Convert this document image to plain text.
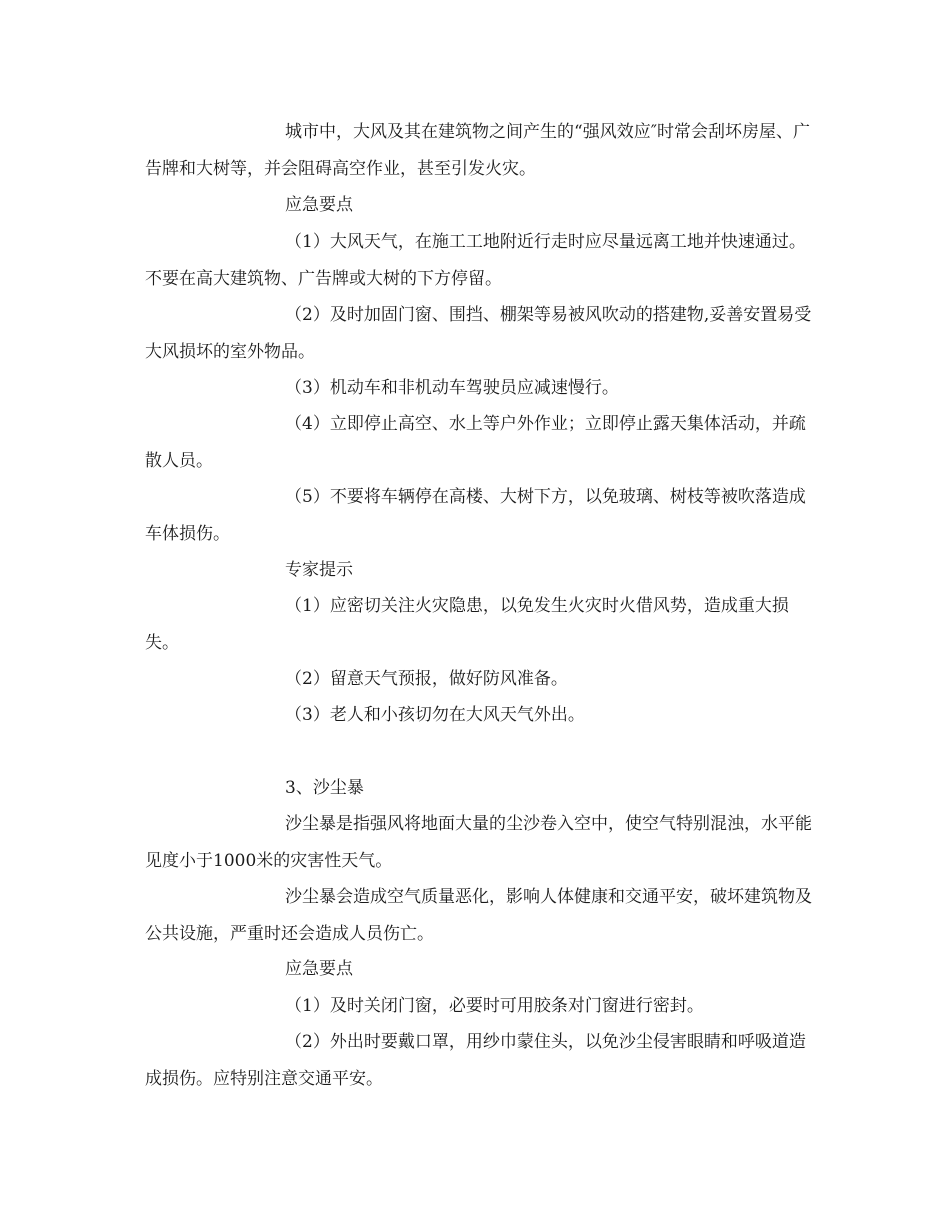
城市中，大风及其在建筑物之间产生的“强风效应″时常会刮坏房屋、广告牌和大树等，并会阻碍高空作业，甚至引发火灾。

应急要点

（1）大风天气，在施工工地附近行走时应尽量远离工地并快速通过。不要在高大建筑物、广告牌或大树的下方停留。

（2）及时加固门窗、围挡、棚架等易被风吹动的搭建物,妥善安置易受大风损坏的室外物品。

（3）机动车和非机动车驾驶员应减速慢行。

（4）立即停止高空、水上等户外作业；立即停止露天集体活动，并疏散人员。

（5）不要将车辆停在高楼、大树下方，以免玻璃、树枝等被吹落造成车体损伤。

专家提示

（1）应密切关注火灾隐患，以免发生火灾时火借风势，造成重大损失。

（2）留意天气预报，做好防风准备。

（3）老人和小孩切勿在大风天气外出。

3、沙尘暴

沙尘暴是指强风将地面大量的尘沙卷入空中，使空气特别混浊，水平能见度小于1000米的灾害性天气。

沙尘暴会造成空气质量恶化，影响人体健康和交通平安，破坏建筑物及公共设施，严重时还会造成人员伤亡。

应急要点

（1）及时关闭门窗，必要时可用胶条对门窗进行密封。

（2）外出时要戴口罩，用纱巾蒙住头，以免沙尘侵害眼睛和呼吸道造成损伤。应特别注意交通平安。
